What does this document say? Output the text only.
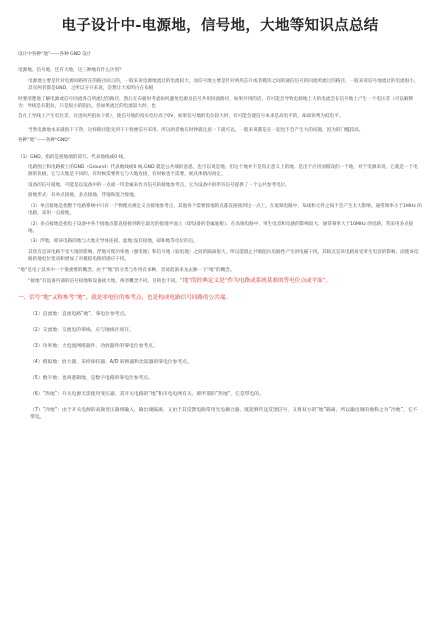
电子设计中-电源地，信号地，大地等知识点总结

设计中各种“地”——各种 GND 设计

电源地、信号地、还有大地，这三种地有什么区别？

电源地主要是针对电源回路所在的路径而言的，一般来说电源地流过的电流较大，而信号地主要是针对两块芯片或者模块之间的通信信号的回流所流过的路径，一般来说信号地流过的电流很小，其实两者都是GND，之所以分开来说，是想让大家明白在布板

时要清楚地了解电源或信号回流各自所流过的路径，然后在布板时考虑如何避免电源及信号共用回流路径，如果共用的话，有可能会导致电源地上大的电流会在信号地上产生一个电压差（可以解释为：导线是有阻抗，只是很小的阻抗，但如果流过的电流较大时，也

会在上导线上产生电位差，这也叫共阻抗干扰），使信号地的真实电位高于0V，如果信号地的电位较大时，有可能会使信号本来是高电平的，却却误判为低电平。

当然电源地本来就很干干净，这样路径能先到干干扰便信号采用。所以两者地在时钟就注意一下就可以，一般来说都是在一起也不会产生大的问题，因为的门槛较高。

各种“地”——各种“GND”

（1）GND，指的是接地端的简写。代表地线或0 线。

电路图上和电路板上的GND（Ground）代表地线或0 线.GND 就是公共端的意思，也可以说是地，但这个地并不是真正意义上的地。是出于应用而假设的一个地，对于电源来说，它就是一个电源的负极。它与大地是不同的。有时候需要将它与大地连接，有时候也不需要，视具体情况而定。

设备的信号接地，可能是以设备中的一点或一块金属来作为信号的接地参考点，它为设备中的所有信号提供了一个公共参考电位。

接地形式：有单点接地、多点接地、浮地和混合接地。

（1）单点接地是指整个电路系统中只有一个物理点被定义为接地参考点，其他各个需要接地的点都直接接到这一点上。在低频电路中，布线和元件之间不会产生太大影响。通常频率小于1MHz 的电路，采用一点接地。

（2）多点接地是指电子设备中各个接地点都直接接到距它最近的接地平面上（即设备的金属底板）。在高频电路中，寄生电容和电感的影响较大，通常频率大于10MHz 的电路，常采用多点接地。

（3）浮地，即该电路的地与大地无导体连接。虚地:没有接地，却和地等电位的点。

其优点是该电路不受大地的影响，浮地可使功率地（强电地）和信号地（弱电地）之间的隔离很大，所以能阻止共地阻抗电路性产生的电磁干扰。其缺点是该电路易受寄生电容的影响，而使该电路的地电位变动和增加了对模拟电路的感应干扰。

“地”是电子技术中一个很重要的概念。由于“地”的分类与作用有多种，容易混淆来龙去脉一下“地”的概念。

“接地”有设备内部的信号接地和设备接大地，两者概念不同，目的也不同。“地”的经典定义是“作为电路或系统基准的等电位点或平面”。

一、信号“地”又称参考“地”，就是零电位的参考点，也是构成电路信号回路的公共端。

（1）直流地：直流电路“地”，零电位参考点。
（2）交流地：交流电的零线。应与地线区别开。
（3）功率地：大电流网络器件、功放器件的零电位参考点。
（4）模拟地：放大器、采样保持器、A/D 转换器和比较器的零电位参考点。
（5）数字地：也叫逻辑地，是数字电路的零电位参考点。
（6）“热地”：开关电源无需使用变压器，其开关电路的“地”和市电电网有关，即所谓的“热地”，它是带电的。
（7）“冷地”：由于开关电源的高频变压器将输入、输出端隔离；又由于其反馈电路常用光电耦合器，既能够传送反馈信号，又将双方的“地”隔离，所以输出端的地称之为“冷地”，它不带电。
